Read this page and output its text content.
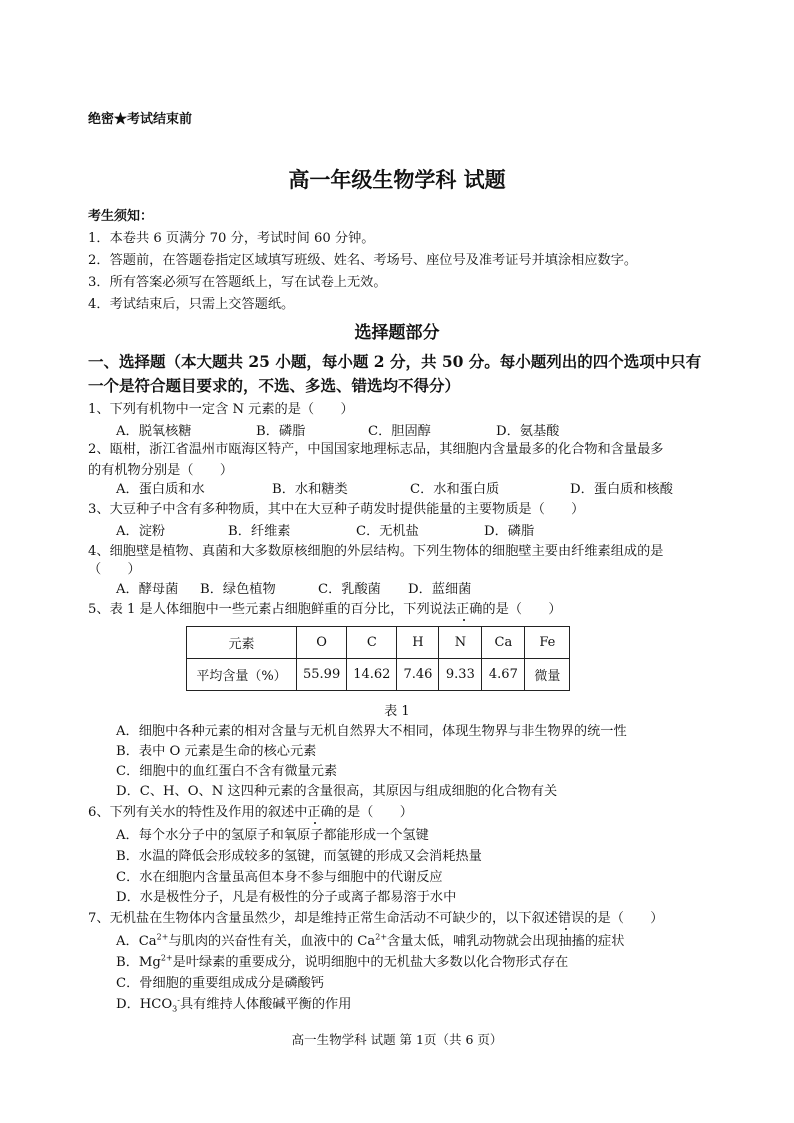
绝密★考试结束前
高一年级生物学科 试题
考生须知：
1．本卷共 6 页满分 70 分，考试时间 60 分钟。
2．答题前，在答题卷指定区域填写班级、姓名、考场号、座位号及准考证号并填涂相应数字。
3．所有答案必须写在答题纸上，写在试卷上无效。
4．考试结束后，只需上交答题纸。
选择题部分
一、选择题（本大题共 25 小题，每小题 2 分，共 50 分。每小题列出的四个选项中只有
一个是符合题目要求的，不选、多选、错选均不得分）
1、下列有机物中一定含 N 元素的是（　　）
A．脱氧核糖	B．磷脂	C．胆固醇	D．氨基酸
2、瓯柑，浙江省温州市瓯海区特产，中国国家地理标志品，其细胞内含量最多的化合物和含量最多
的有机物分别是（　　）
A．蛋白质和水	B．水和糖类	C．水和蛋白质	D．蛋白质和核酸
3、大豆种子中含有多种物质，其中在大豆种子萌发时提供能量的主要物质是（　　）
A．淀粉	B．纤维素	C．无机盐	D．磷脂
4、细胞壁是植物、真菌和大多数原核细胞的外层结构。下列生物体的细胞壁主要由纤维素组成的是
（　　）
A．酵母菌 B．绿色植物	C．乳酸菌 D．蓝细菌
5、表 1 是人体细胞中一些元素占细胞鲜重的百分比，下列说法正确的是（　　）
元素	O	C	H	N	Ca	Fe
平均含量（%）	55.99	14.62	7.46	9.33	4.67	微量
表 1
A．细胞中各种元素的相对含量与无机自然界大不相同，体现生物界与非生物界的统一性
B．表中 O 元素是生命的核心元素
C．细胞中的血红蛋白不含有微量元素
D．C、H、O、N 这四种元素的含量很高，其原因与组成细胞的化合物有关
6、下列有关水的特性及作用的叙述中正确的是（　　）
A．每个水分子中的氢原子和氧原子都能形成一个氢键
B．水温的降低会形成较多的氢键，而氢键的形成又会消耗热量
C．水在细胞内含量虽高但本身不参与细胞中的代谢反应
D．水是极性分子，凡是有极性的分子或离子都易溶于水中
7、无机盐在生物体内含量虽然少，却是维持正常生命活动不可缺少的，以下叙述错误的是（　　）
A．$Ca^{2+}$与肌肉的兴奋性有关，血液中的 $Ca^{2+}$含量太低，哺乳动物就会出现抽搐的症状
B．$Mg^{2+}$是叶绿素的重要成分，说明细胞中的无机盐大多数以化合物形式存在
C．骨细胞的重要组成成分是磷酸钙
D．$HCO_3^-$具有维持人体酸碱平衡的作用
高一生物学科 试题 第 1页（共 6 页）
